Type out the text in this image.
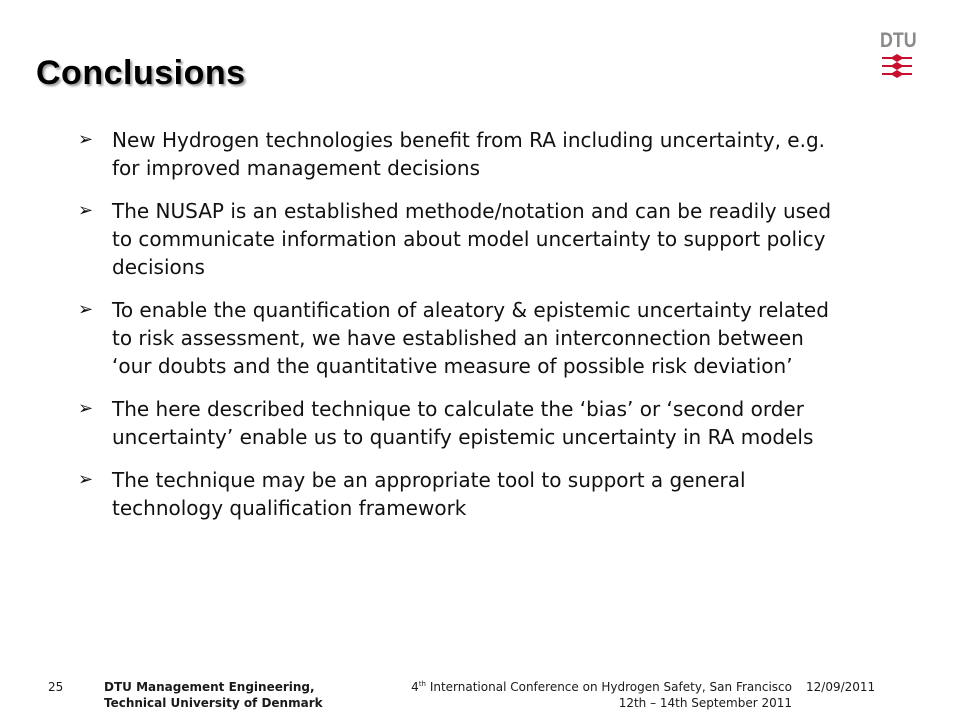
Conclusions
DTU
➢ New Hydrogen technologies benefit from RA including uncertainty, e.g. for improved management decisions
➢ The NUSAP is an established methode/notation and can be readily used to communicate information about model uncertainty to support policy decisions
➢ To enable the quantification of aleatory & epistemic uncertainty related to risk assessment, we have established an interconnection between ‘our doubts and the quantitative measure of possible risk deviation’
➢ The here described technique to calculate the ‘bias’ or ‘second order uncertainty’ enable us to quantify epistemic uncertainty in RA models
➢ The technique may be an appropriate tool to support a general technology qualification framework
25	DTU Management Engineering,
Technical University of Denmark
4th International Conference on Hydrogen Safety, San Francisco
12th – 14th September 2011
12/09/2011
